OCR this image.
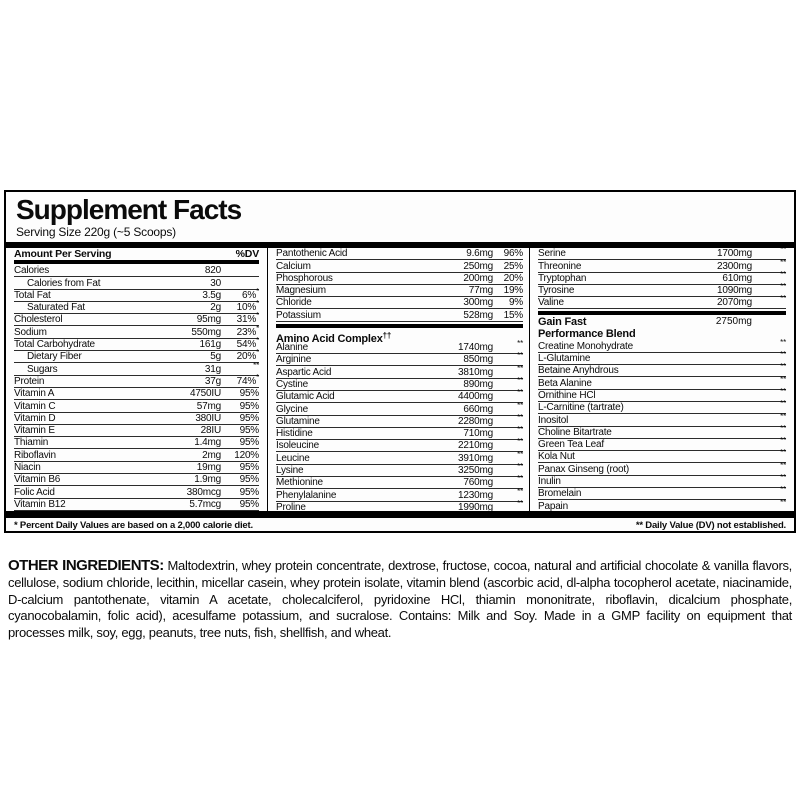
Supplement Facts
Serving Size 220g (~5 Scoops)
Amount Per Serving	%DV
Calories	820
Calories from Fat	30
Total Fat	3.5g	6%*
Saturated Fat	2g	10%*
Cholesterol	95mg	31%*
Sodium	550mg	23%*
Total Carbohydrate	161g	54%*
Dietary Fiber	5g	20%*
Sugars	31g	**
Protein	37g	74%*
Vitamin A	4750IU	95%
Vitamin C	57mg	95%
Vitamin D	380IU	95%
Vitamin E	28IU	95%
Thiamin	1.4mg	95%
Riboflavin	2mg	120%
Niacin	19mg	95%
Vitamin B6	1.9mg	95%
Folic Acid	380mcg	95%
Vitamin B12	5.7mcg	95%
Pantothenic Acid	9.6mg	96%
Calcium	250mg	25%
Phosphorous	200mg	20%
Magnesium	77mg	19%
Chloride	300mg	9%
Potassium	528mg	15%
Amino Acid Complex††
Alanine	1740mg	**
Arginine	850mg	**
Aspartic Acid	3810mg	**
Cystine	890mg	**
Glutamic Acid	4400mg	**
Glycine	660mg	**
Glutamine	2280mg	**
Histidine	710mg	**
Isoleucine	2210mg	**
Leucine	3910mg	**
Lysine	3250mg	**
Methionine	760mg	**
Phenylalanine	1230mg	**
Proline	1990mg	**
Serine	1700mg	**
Threonine	2300mg	**
Tryptophan	610mg	**
Tyrosine	1090mg	**
Valine	2070mg	**
Gain Fast	2750mg
Performance Blend
Creatine Monohydrate	**
L-Glutamine	**
Betaine Anyhdrous	**
Beta Alanine	**
Ornithine HCl	**
L-Carnitine (tartrate)	**
Inositol	**
Choline Bitartrate	**
Green Tea Leaf	**
Kola Nut	**
Panax Ginseng (root)	**
Inulin	**
Bromelain	**
Papain	**
* Percent Daily Values are based on a 2,000 calorie diet.	** Daily Value (DV) not established.

OTHER INGREDIENTS: Maltodextrin, whey protein concentrate, dextrose, fructose, cocoa, natural and artificial chocolate & vanilla flavors, cellulose, sodium chloride, lecithin, micellar casein, whey protein isolate, vitamin blend (ascorbic acid, dl-alpha tocopherol acetate, niacinamide, D-calcium pantothenate, vitamin A acetate, cholecalciferol, pyridoxine HCl, thiamin mononitrate, riboflavin, dicalcium phosphate, cyanocobalamin, folic acid), acesulfame potassium, and sucralose. Contains: Milk and Soy. Made in a GMP facility on equipment that processes milk, soy, egg, peanuts, tree nuts, fish, shellfish, and wheat.
